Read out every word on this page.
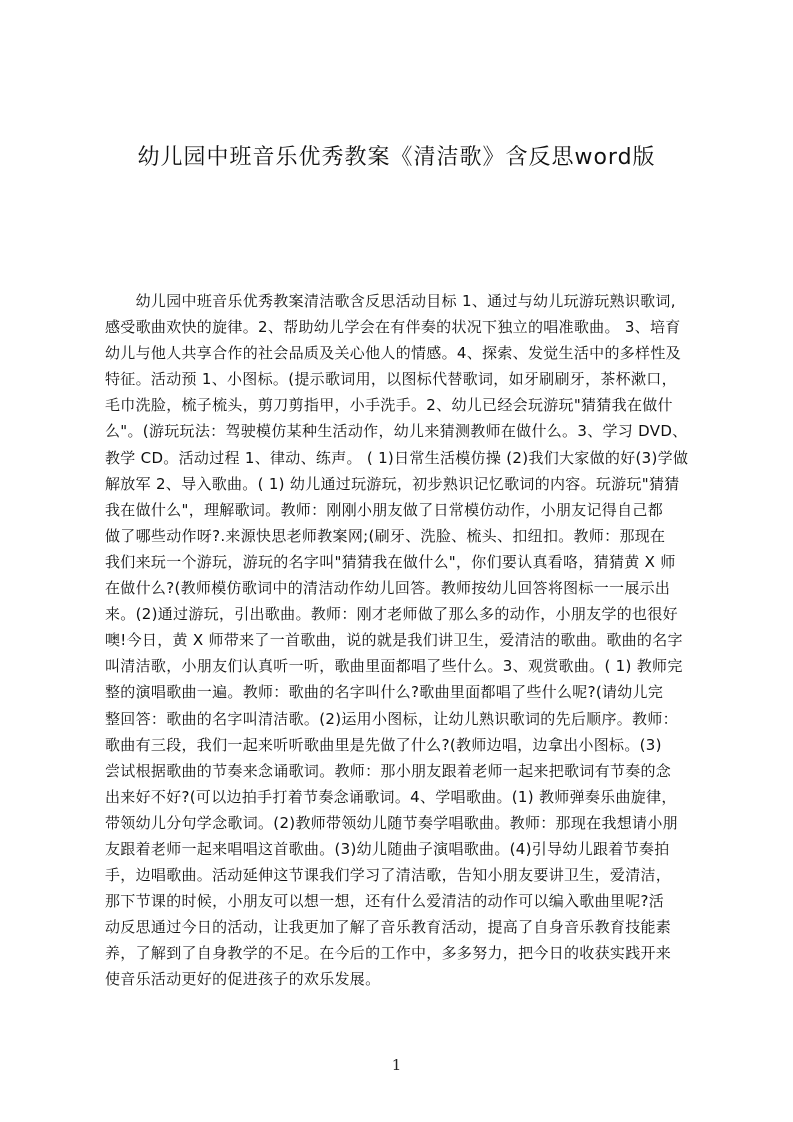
幼儿园中班音乐优秀教案《清洁歌》含反思word版
　　幼儿园中班音乐优秀教案清洁歌含反思活动目标 1、通过与幼儿玩游玩熟识歌词,
感受歌曲欢快的旋律。2、帮助幼儿学会在有伴奏的状况下独立的唱准歌曲。 3、培育
幼儿与他人共享合作的社会品质及关心他人的情感。4、探索、发觉生活中的多样性及
特征。活动预 1、小图标。(提示歌词用，以图标代替歌词，如牙刷刷牙，茶杯漱口，
毛巾洗脸，梳子梳头，剪刀剪指甲，小手洗手。2、幼儿已经会玩游玩"猜猜我在做什
么"。(游玩玩法：驾驶模仿某种生活动作，幼儿来猜测教师在做什么。3、学习 DVD、
教学 CD。活动过程 1、律动、练声。 ( 1)日常生活模仿操 (2)我们大家做的好(3)学做
解放军 2、导入歌曲。( 1) 幼儿通过玩游玩，初步熟识记忆歌词的内容。玩游玩"猜猜
我在做什么"，理解歌词。教师：刚刚小朋友做了日常模仿动作，小朋友记得自己都
做了哪些动作呀?.来源快思老师教案网;(刷牙、洗脸、梳头、扣纽扣。教师：那现在
我们来玩一个游玩，游玩的名字叫"猜猜我在做什么"，你们要认真看咯，猜猜黄 X 师
在做什么?(教师模仿歌词中的清洁动作幼儿回答。教师按幼儿回答将图标一一展示出
来。(2)通过游玩，引出歌曲。教师：刚才老师做了那么多的动作，小朋友学的也很好
噢!今日，黄 X 师带来了一首歌曲，说的就是我们讲卫生，爱清洁的歌曲。歌曲的名字
叫清洁歌，小朋友们认真听一听，歌曲里面都唱了些什么。3、观赏歌曲。( 1) 教师完
整的演唱歌曲一遍。教师：歌曲的名字叫什么?歌曲里面都唱了些什么呢?(请幼儿完
整回答：歌曲的名字叫清洁歌。(2)运用小图标，让幼儿熟识歌词的先后顺序。教师：
歌曲有三段，我们一起来听听歌曲里是先做了什么?(教师边唱，边拿出小图标。(3)
尝试根据歌曲的节奏来念诵歌词。教师：那小朋友跟着老师一起来把歌词有节奏的念
出来好不好?(可以边拍手打着节奏念诵歌词。4、学唱歌曲。(1) 教师弹奏乐曲旋律，
带领幼儿分句学念歌词。(2)教师带领幼儿随节奏学唱歌曲。教师：那现在我想请小朋
友跟着老师一起来唱唱这首歌曲。(3)幼儿随曲子演唱歌曲。(4)引导幼儿跟着节奏拍
手，边唱歌曲。活动延伸这节课我们学习了清洁歌，告知小朋友要讲卫生，爱清洁，
那下节课的时候，小朋友可以想一想，还有什么爱清洁的动作可以编入歌曲里呢?活
动反思通过今日的活动，让我更加了解了音乐教育活动，提高了自身音乐教育技能素
养，了解到了自身教学的不足。在今后的工作中，多多努力，把今日的收获实践开来
使音乐活动更好的促进孩子的欢乐发展。
1
